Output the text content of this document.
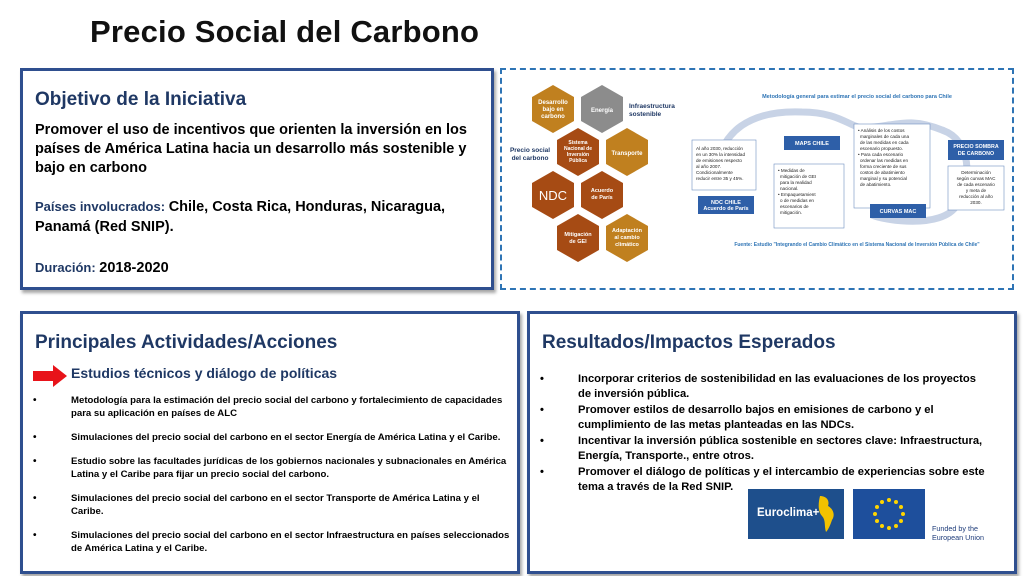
Precio Social del Carbono
Objetivo de la Iniciativa
Promover el uso de incentivos que orienten la inversión en los países de América Latina hacia un desarrollo más sostenible y bajo en carbono
Países involucrados: Chile, Costa Rica, Honduras, Nicaragua, Panamá (Red SNIP).
Duración: 2018-2020
Desarrollo bajo en carbono
Energía
Sistema Nacional de Inversión Pública
Transporte
NDC	Acuerdo de París
Mitigación de GEI
Adaptación al cambio climático
Infraestructura sostenible
Precio social del carbono
Metodología general para estimar el precio social del carbono para Chile
Al año 2030, reducción en un 30% la intensidad de emisiones respecto al año 2007. Condicionalmente reducir entre 35 y 45%.
NDC CHILE Acuerdo de París
MAPS CHILE
• Medidas de mitigación de GEI para la realidad nacional. • Empaquetamient o de medidas en escenarios de mitigación.
• Análisis de los costos marginales de cada una de las medidas en cada escenario propuesto. • Para cada escenario ordenar las medidas en forma creciente de sus costos de abatimiento marginal y su potencial de abatimiento.
CURVAS MAC
PRECIO SOMBRA DE CARBONO
Determinación según curvas MAC de cada escenario y meta de reducción al año 2030.
Fuente: Estudio "Integrando el Cambio Climático en el Sistema Nacional de Inversión Pública de Chile"
Principales Actividades/Acciones
Estudios técnicos y diálogo de políticas
• Metodología para la estimación del precio social del carbono y fortalecimiento de capacidades para su aplicación en países de ALC
• Simulaciones del precio social del carbono en el sector Energía de América Latina y el Caribe.
• Estudio sobre las facultades jurídicas de los gobiernos nacionales y subnacionales en América Latina y el Caribe para fijar un precio social del carbono.
• Simulaciones del precio social del carbono en el sector Transporte de América Latina y el Caribe.
• Simulaciones del precio social del carbono en el sector Infraestructura en países seleccionados de América Latina y el Caribe.
Resultados/Impactos Esperados
• Incorporar criterios de sostenibilidad en las evaluaciones de los proyectos de inversión pública.
• Promover estilos de desarrollo bajos en emisiones de carbono y el cumplimiento de las metas planteadas en las NDCs.
• Incentivar la inversión pública sostenible en sectores clave: Infraestructura, Energía, Transporte., entre otros.
• Promover el diálogo de políticas y el intercambio de experiencias sobre este tema a través de la Red SNIP.
Euroclima+
Funded by the European Union
